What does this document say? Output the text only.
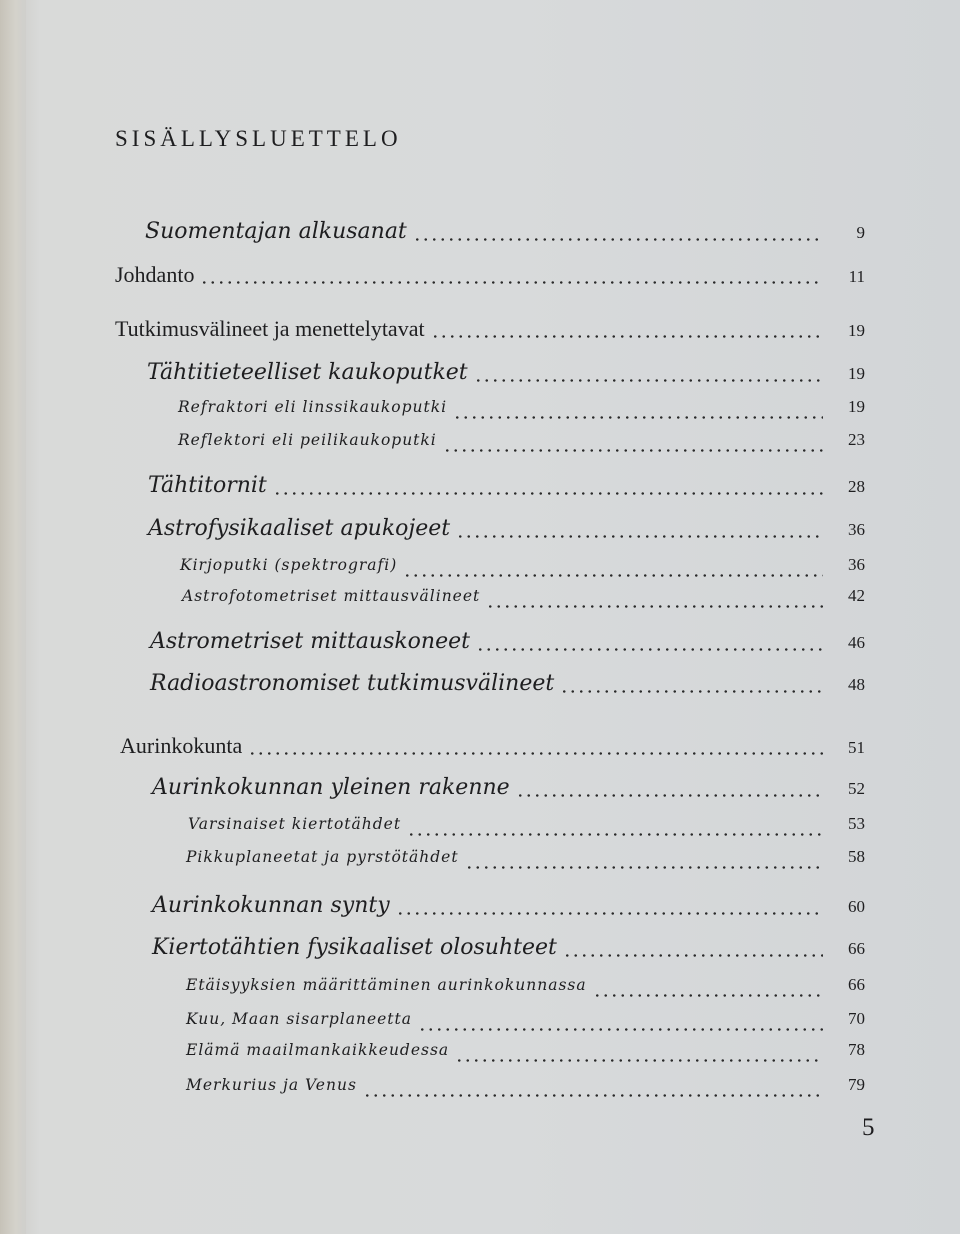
SISÄLLYSLUETTELO
Suomentajan alkusanat	9
Johdanto	11
Tutkimusvälineet ja menettelytavat	19
Tähtitieteelliset kaukoputket	19
Refraktori eli linssikaukoputki	19
Reflektori eli peilikaukoputki	23
Tähtitornit	28
Astrofysikaaliset apukojeet	36
Kirjoputki (spektrografi)	36
Astrofotometriset mittausvälineet	42
Astrometriset mittauskoneet	46
Radioastronomiset tutkimusvälineet	48
Aurinkokunta	51
Aurinkokunnan yleinen rakenne	52
Varsinaiset kiertotähdet	53
Pikkuplaneetat ja pyrstötähdet	58
Aurinkokunnan synty	60
Kiertotähtien fysikaaliset olosuhteet	66
Etäisyyksien määrittäminen aurinkokunnassa	66
Kuu, Maan sisarplaneetta	70
Elämä maailmankaikkeudessa	78
Merkurius ja Venus	79
5
